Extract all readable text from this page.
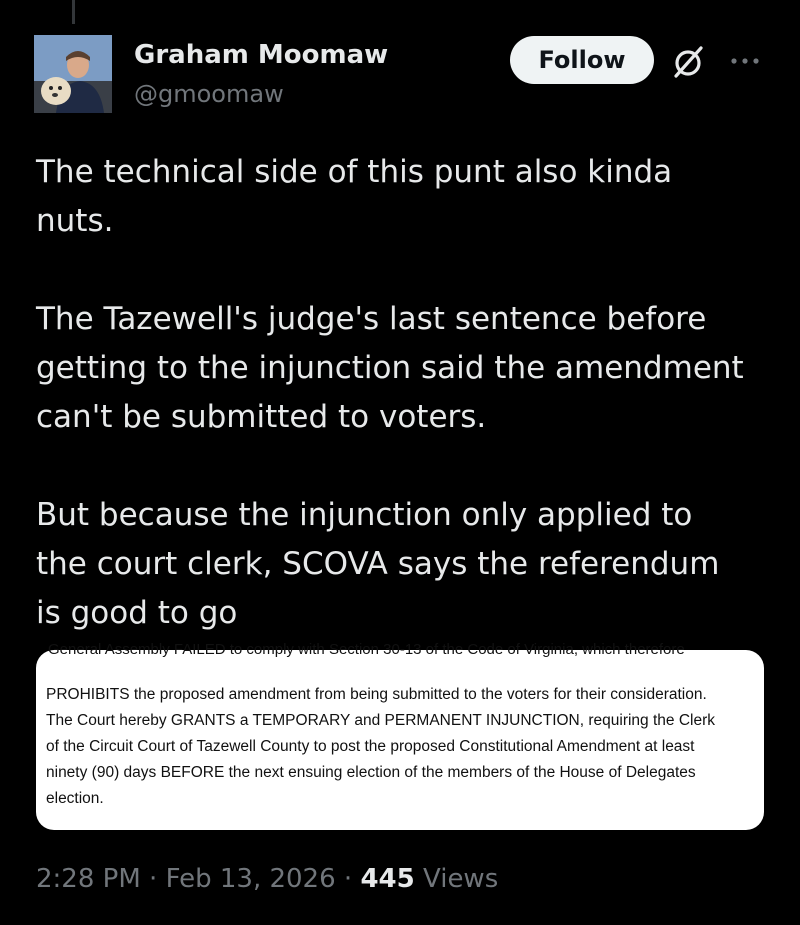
Graham Moomaw
@gmoomaw
Follow

The technical side of this punt also kinda
nuts.

The Tazewell's judge's last sentence before
getting to the injunction said the amendment
can't be submitted to voters.

But because the injunction only applied to
the court clerk, SCOVA says the referendum
is good to go

General Assembly FAILED to comply with Section 30-13 of the Code of Virginia, which therefore

PROHIBITS the proposed amendment from being submitted to the voters for their consideration.
The Court hereby GRANTS a TEMPORARY and PERMANENT INJUNCTION, requiring the Clerk
of the Circuit Court of Tazewell County to post the proposed Constitutional Amendment at least
ninety (90) days BEFORE the next ensuing election of the members of the House of Delegates
election.

2:28 PM · Feb 13, 2026 · 445 Views
